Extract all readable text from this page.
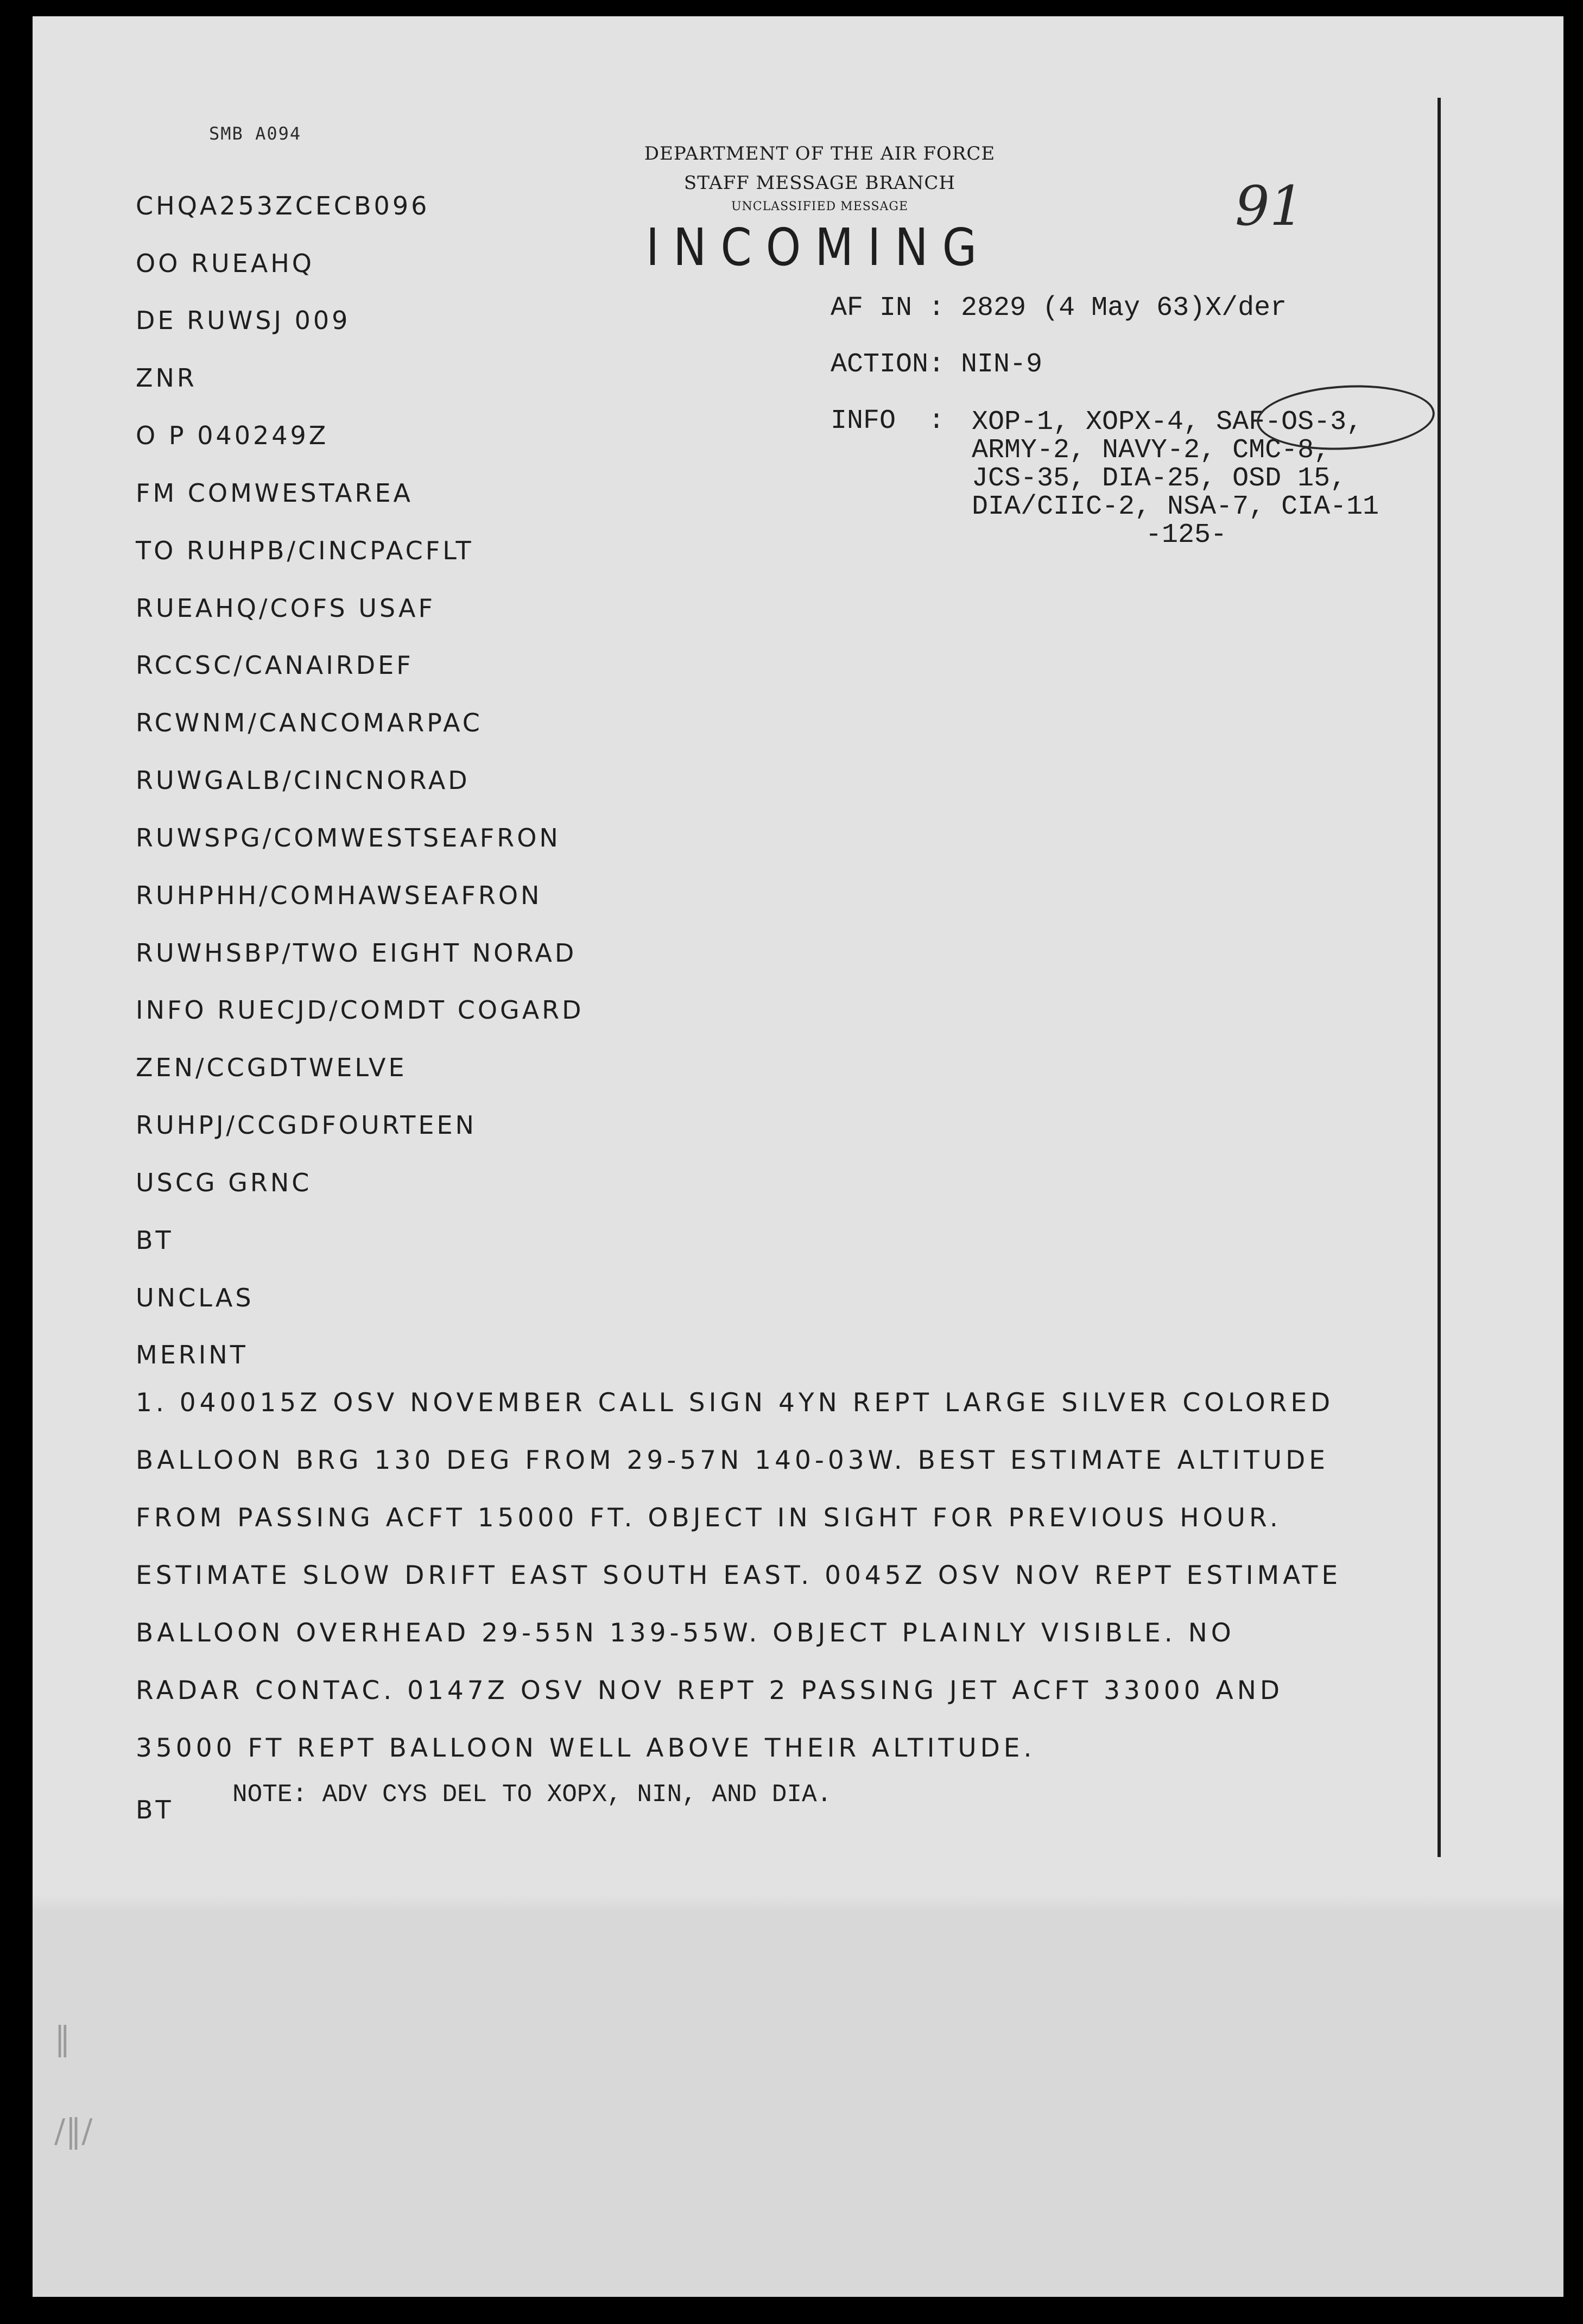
SMB A094
DEPARTMENT OF THE AIR FORCE
STAFF MESSAGE BRANCH
UNCLASSIFIED MESSAGE
INCOMING
91
CHQA253ZCECB096
OO RUEAHQ
DE RUWSJ 009
ZNR
O P 040249Z
FM COMWESTAREA
TO RUHPB/CINCPACFLT
RUEAHQ/COFS USAF
RCCSC/CANAIRDEF
RCWNM/CANCOMARPAC
RUWGALB/CINCNORAD
RUWSPG/COMWESTSEAFRON
RUHPHH/COMHAWSEAFRON
RUWHSBP/TWO EIGHT NORAD
INFO RUECJD/COMDT COGARD
ZEN/CCGDTWELVE
RUHPJ/CCGDFOURTEEN
USCG GRNC
BT
UNCLAS
MERINT
AF IN : 2829 (4 May 63)X/der
ACTION: NIN-9
INFO  : XOP-1, XOPX-4, SAF-OS-3,
ARMY-2, NAVY-2, CMC-8,
JCS-35, DIA-25, OSD 15,
DIA/CIIC-2, NSA-7, CIA-11
-125-
1. 040015Z OSV NOVEMBER CALL SIGN 4YN REPT LARGE SILVER COLORED
BALLOON BRG 130 DEG FROM 29-57N 140-03W. BEST ESTIMATE ALTITUDE
FROM PASSING ACFT 15000 FT. OBJECT IN SIGHT FOR PREVIOUS HOUR.
ESTIMATE SLOW DRIFT EAST SOUTH EAST. 0045Z OSV NOV REPT ESTIMATE
BALLOON OVERHEAD 29-55N 139-55W. OBJECT PLAINLY VISIBLE. NO
RADAR CONTAC. 0147Z OSV NOV REPT 2 PASSING JET ACFT 33000 AND
35000 FT REPT BALLOON WELL ABOVE THEIR ALTITUDE.
NOTE: ADV CYS DEL TO XOPX, NIN, AND DIA.
BT
‖
/‖/
